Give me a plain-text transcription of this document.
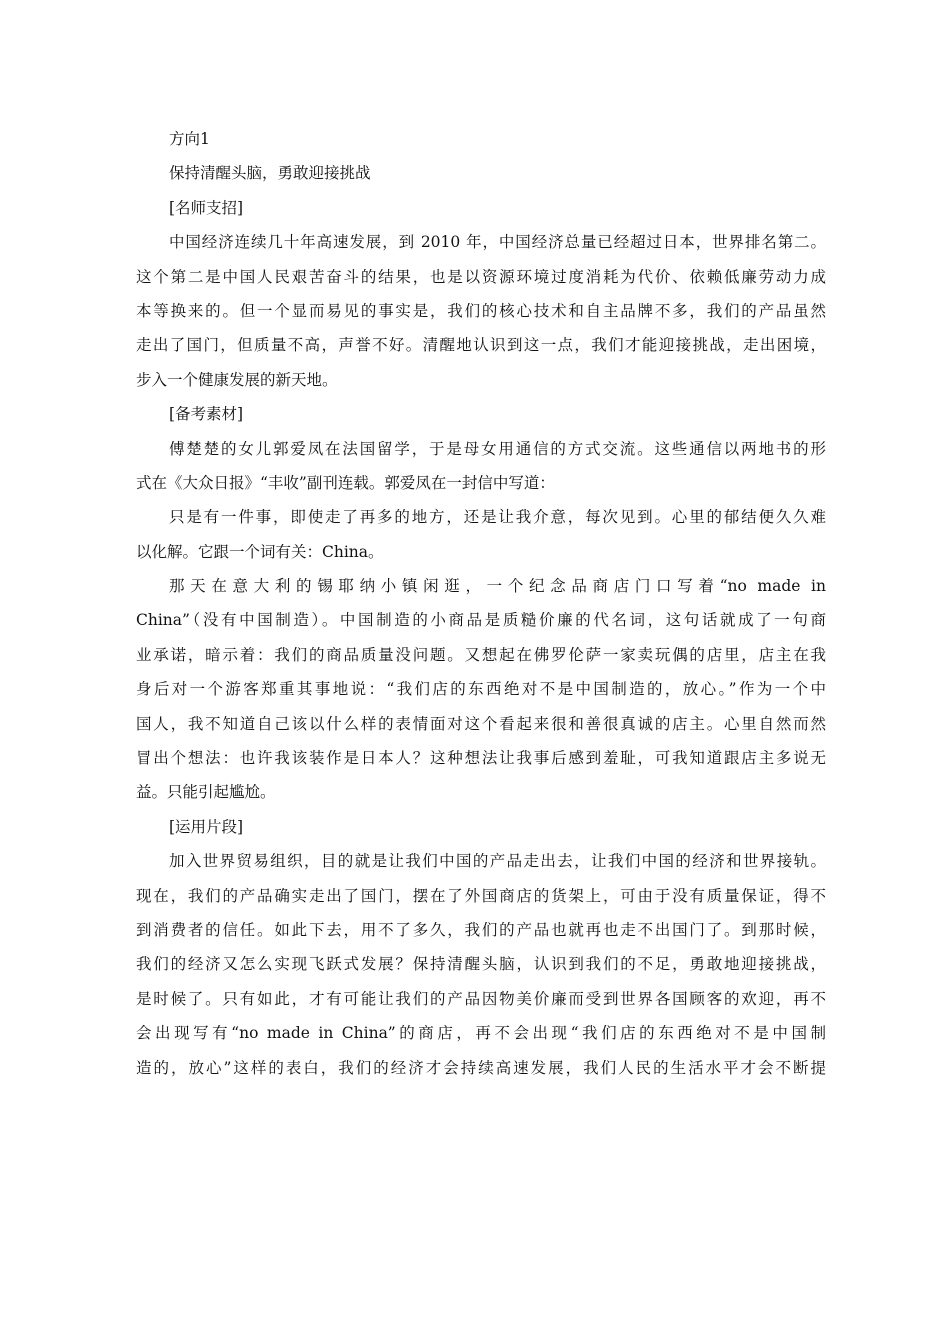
方向1
保持清醒头脑，勇敢迎接挑战
[名师支招]
中国经济连续几十年高速发展，到 2010 年，中国经济总量已经超过日本，世界排名第二。
这个第二是中国人民艰苦奋斗的结果，也是以资源环境过度消耗为代价、依赖低廉劳动力成
本等换来的。但一个显而易见的事实是，我们的核心技术和自主品牌不多，我们的产品虽然
走出了国门，但质量不高，声誉不好。清醒地认识到这一点，我们才能迎接挑战，走出困境，
步入一个健康发展的新天地。
[备考素材]
傅楚楚的女儿郭爱凤在法国留学，于是母女用通信的方式交流。这些通信以两地书的形
式在《大众日报》“丰收”副刊连载。郭爱凤在一封信中写道：
只是有一件事，即使走了再多的地方，还是让我介意，每次见到。心里的郁结便久久难
以化解。它跟一个词有关：China。
那天在意大利的锡耶纳小镇闲逛，一个纪念品商店门口写着“no made in
China”（没有中国制造）。中国制造的小商品是质糙价廉的代名词，这句话就成了一句商
业承诺，暗示着：我们的商品质量没问题。又想起在佛罗伦萨一家卖玩偶的店里，店主在我
身后对一个游客郑重其事地说：“我们店的东西绝对不是中国制造的，放心。”作为一个中
国人，我不知道自己该以什么样的表情面对这个看起来很和善很真诚的店主。心里自然而然
冒出个想法：也许我该装作是日本人？这种想法让我事后感到羞耻，可我知道跟店主多说无
益。只能引起尴尬。
[运用片段]
加入世界贸易组织，目的就是让我们中国的产品走出去，让我们中国的经济和世界接轨。
现在，我们的产品确实走出了国门，摆在了外国商店的货架上，可由于没有质量保证，得不
到消费者的信任。如此下去，用不了多久，我们的产品也就再也走不出国门了。到那时候，
我们的经济又怎么实现飞跃式发展？保持清醒头脑，认识到我们的不足，勇敢地迎接挑战，
是时候了。只有如此，才有可能让我们的产品因物美价廉而受到世界各国顾客的欢迎，再不
会出现写有“no made in China”的商店，再不会出现“我们店的东西绝对不是中国制
造的，放心”这样的表白，我们的经济才会持续高速发展，我们人民的生活水平才会不断提
